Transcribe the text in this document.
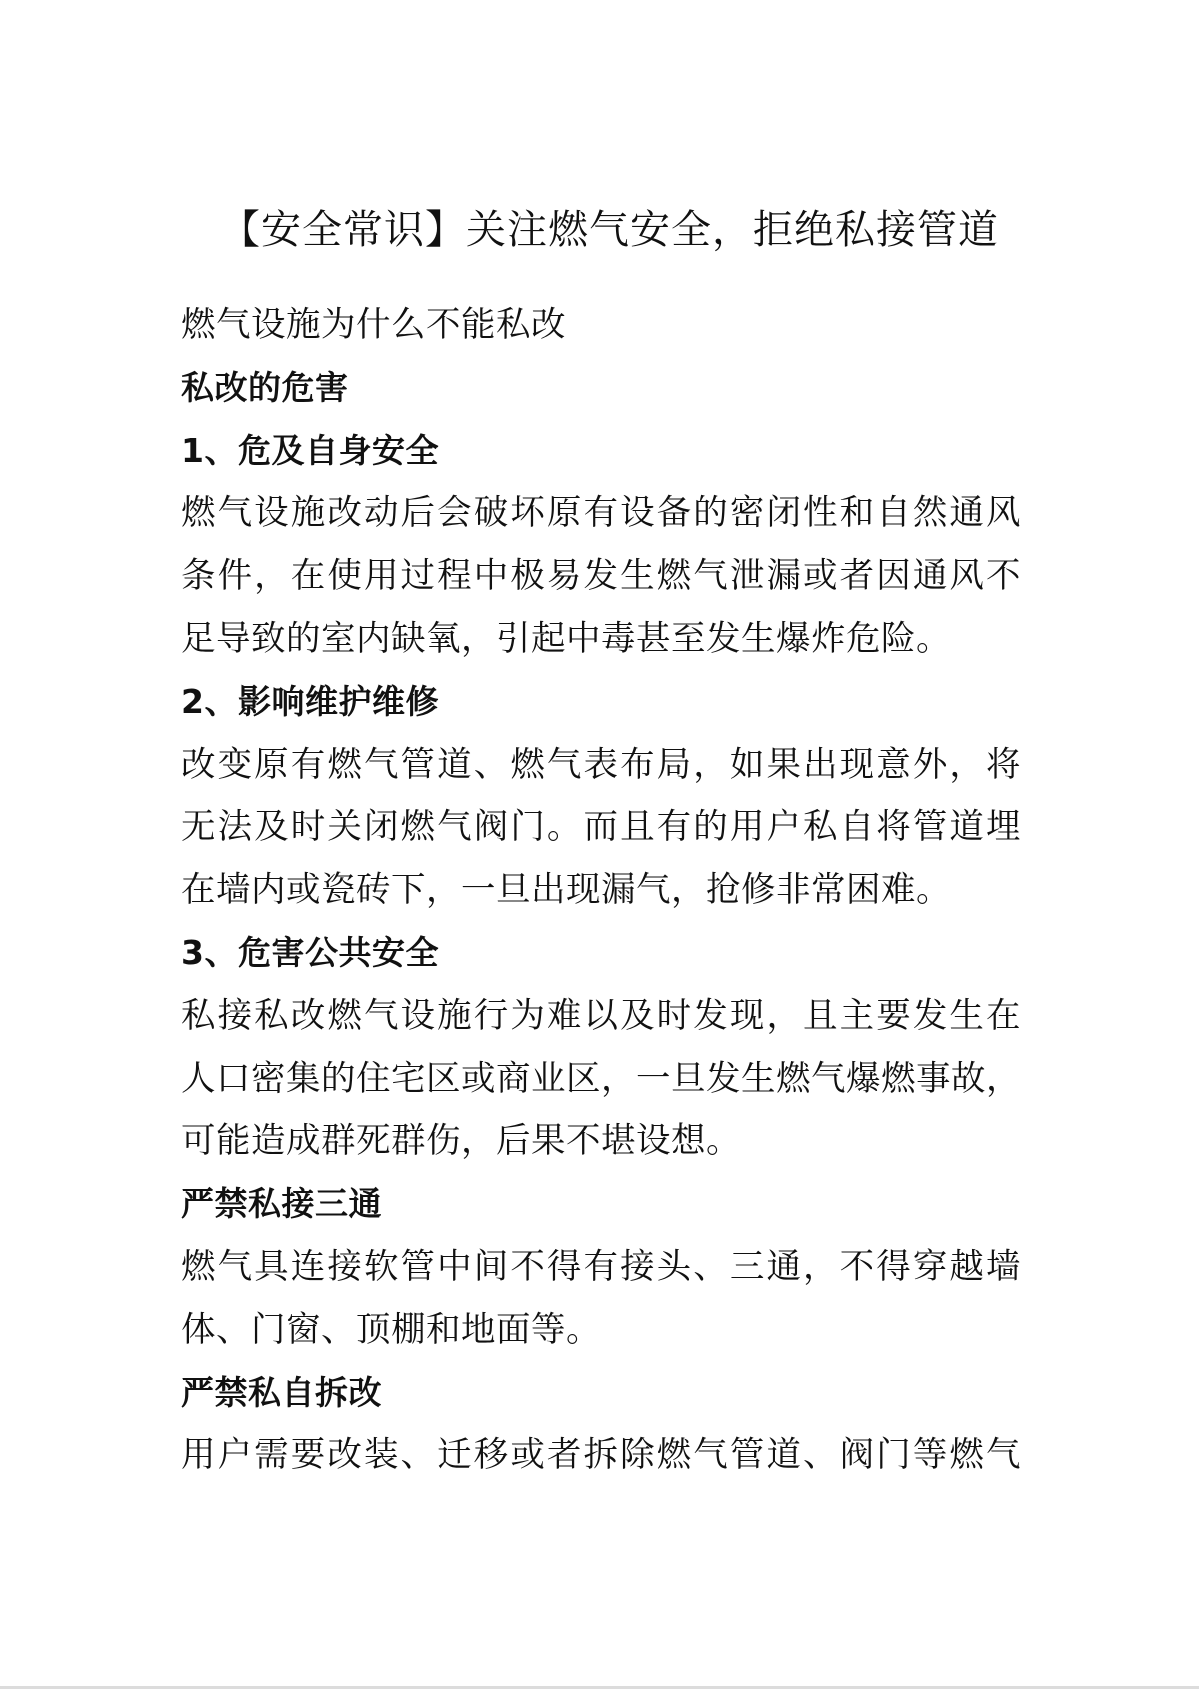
【安全常识】关注燃气安全，拒绝私接管道
燃气设施为什么不能私改
私改的危害
1、危及自身安全
燃气设施改动后会破坏原有设备的密闭性和自然通风
条件，在使用过程中极易发生燃气泄漏或者因通风不
足导致的室内缺氧，引起中毒甚至发生爆炸危险。
2、影响维护维修
改变原有燃气管道、燃气表布局，如果出现意外，将
无法及时关闭燃气阀门。而且有的用户私自将管道埋
在墙内或瓷砖下，一旦出现漏气，抢修非常困难。
3、危害公共安全
私接私改燃气设施行为难以及时发现，且主要发生在
人口密集的住宅区或商业区，一旦发生燃气爆燃事故，
可能造成群死群伤，后果不堪设想。
严禁私接三通
燃气具连接软管中间不得有接头、三通，不得穿越墙
体、门窗、顶棚和地面等。
严禁私自拆改
用户需要改装、迁移或者拆除燃气管道、阀门等燃气
